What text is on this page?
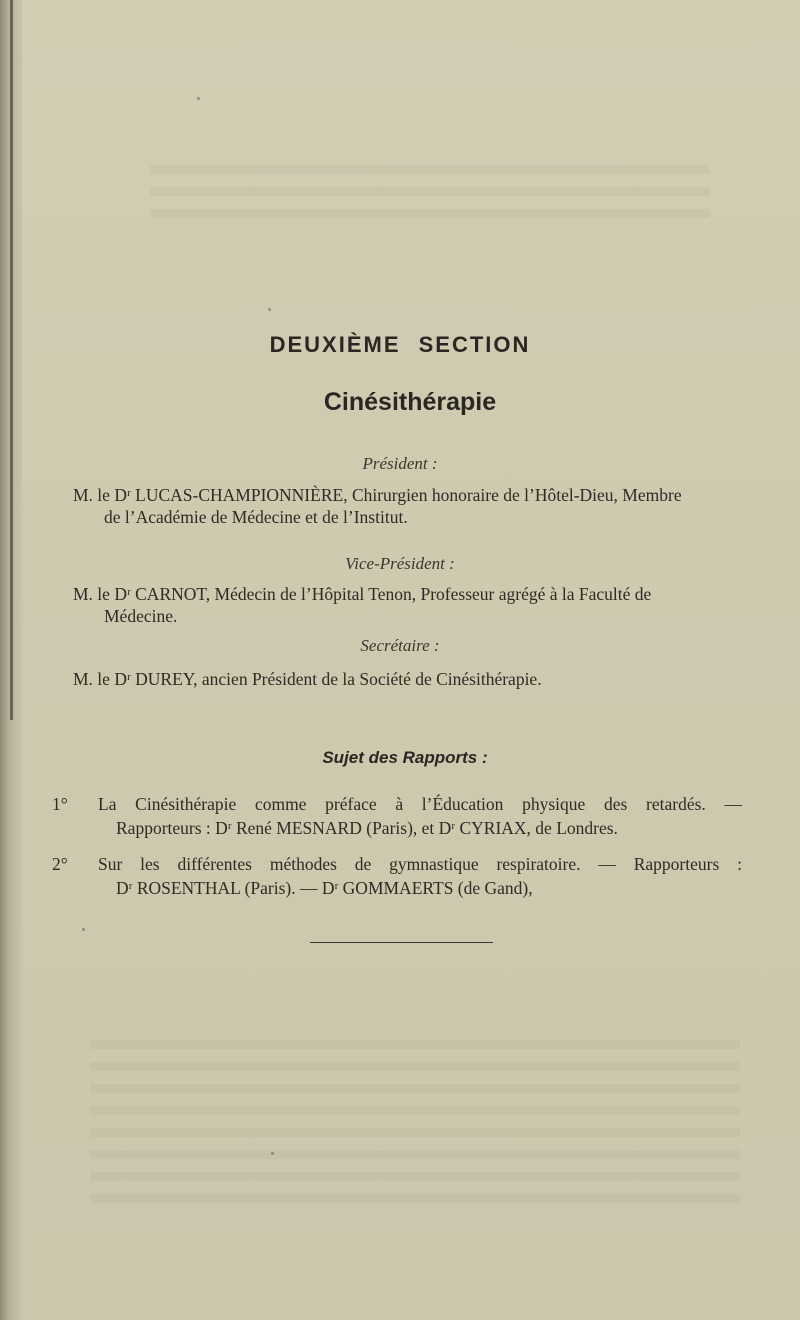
DEUXIÈME SECTION
Cinésithérapie
Président :
M. le Dʳ LUCAS-CHAMPIONNIÈRE, Chirurgien honoraire de l’Hôtel-Dieu, Membre
de l’Académie de Médecine et de l’Institut.
Vice-Président :
M. le Dʳ CARNOT, Médecin de l’Hôpital Tenon, Professeur agrégé à la Faculté de
Médecine.
Secrétaire :
M. le Dʳ DUREY, ancien Président de la Société de Cinésithérapie.
Sujet des Rapports :
1°	La Cinésithérapie comme préface à l’Éducation physique des retardés. —
Rapporteurs : Dʳ René MESNARD (Paris), et Dʳ CYRIAX, de Londres.
2°	Sur les différentes méthodes de gymnastique respiratoire. — Rapporteurs :
Dʳ ROSENTHAL (Paris). — Dʳ GOMMAERTS (de Gand),
